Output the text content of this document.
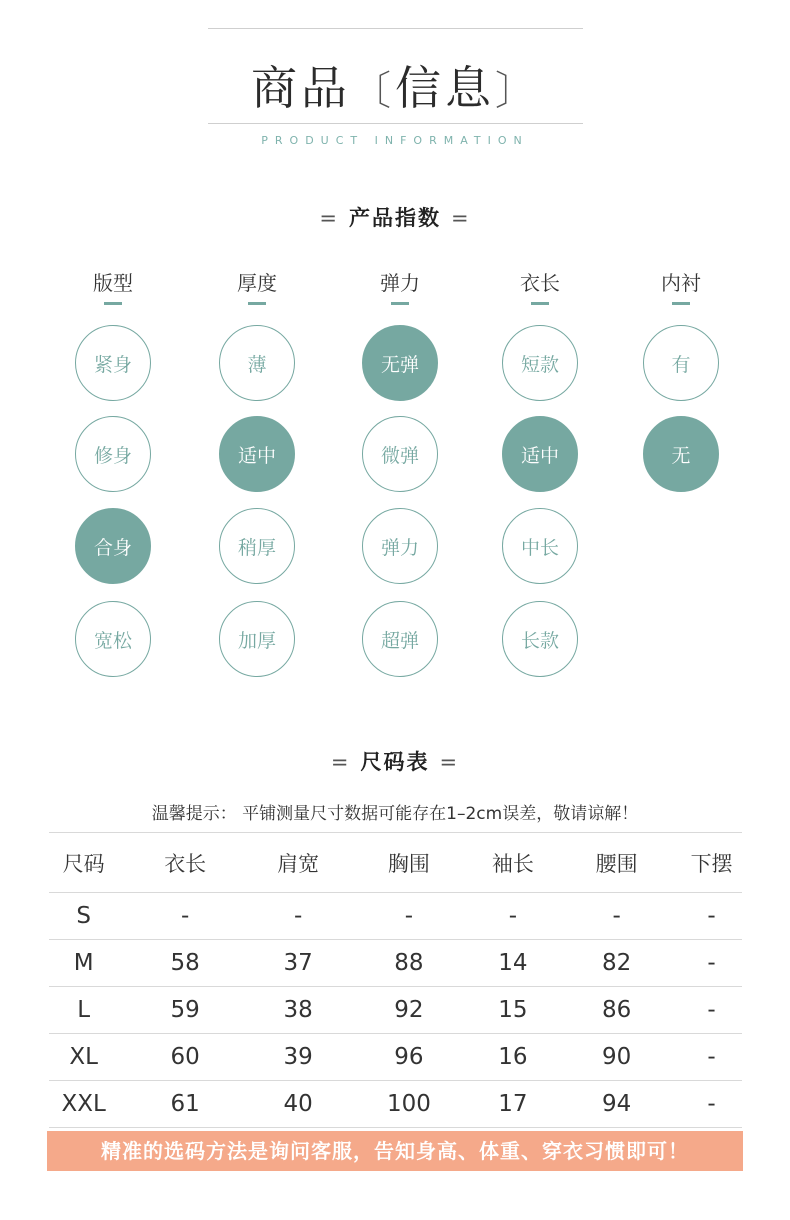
商品〔信息〕
PRODUCT INFORMATION
= 产品指数 =
版型
紧身
修身
合身
宽松
厚度
薄
适中
稍厚
加厚
弹力
无弹
微弹
弹力
超弹
衣长
短款
适中
中长
长款
内衬
有
无
= 尺码表 =
温馨提示： 平铺测量尺寸数据可能存在1–2cm误差，敬请谅解！
尺码	衣长	肩宽	胸围	袖长	腰围	下摆
S	-	-	-	-	-	-
M	58	37	88	14	82	-
L	59	38	92	15	86	-
XL	60	39	96	16	90	-
XXL	61	40	100	17	94	-
精准的选码方法是询问客服，告知身高、体重、穿衣习惯即可！
